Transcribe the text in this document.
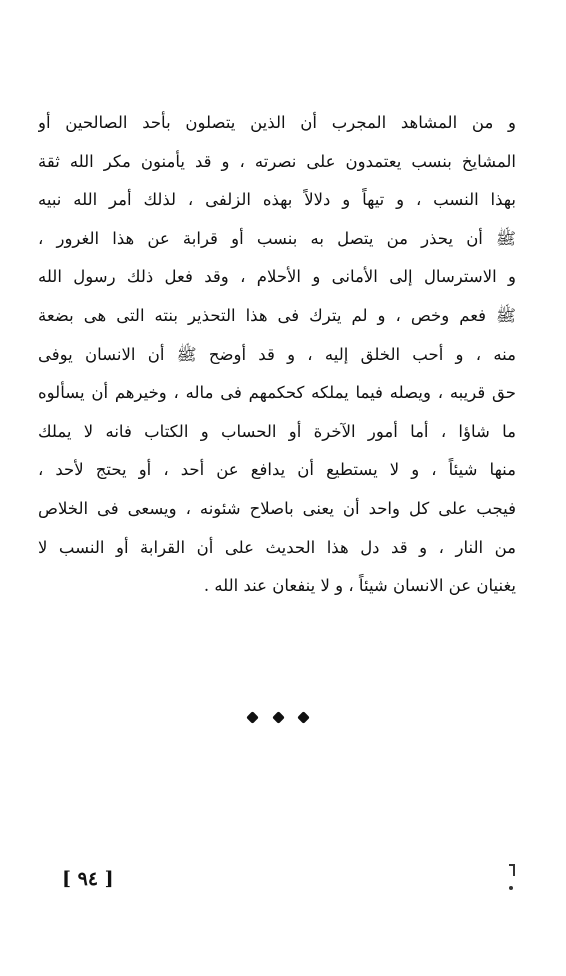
و من المشاهد المجرب أن الذين يتصلون بأحد الصالحين أو
المشايخ بنسب يعتمدون على نصرته ، و قد يأمنون مكر الله ثقة
بهذا النسب ، و تيهاً و دلالاً بهذه الزلفى ، لذلك أمر الله نبيه
ﷺ أن يحذر من يتصل به بنسب أو قرابة عن هذا الغرور ،
و الاسترسال إلى الأمانى و الأحلام ، وقد فعل ذلك رسول الله
ﷺ فعم وخص ، و لم يترك فى هذا التحذير بنته التى هى بضعة
منه ، و أحب الخلق إليه ، و قد أوضح ﷺ أن الانسان يوفى
حق قريبه ، ويصله فيما يملكه كحكمهم فى ماله ، وخيرهم أن يسألوه
ما شاؤا ، أما أمور الآخرة أو الحساب و الكتاب فانه لا يملك
منها شيئاً ، و لا يستطيع أن يدافع عن أحد ، أو يحتج لأحد ،
فيجب على كل واحد أن يعنى باصلاح شئونه ، ويسعى فى الخلاص
من النار ، و قد دل هذا الحديث على أن القرابة أو النسب لا
يغنيان عن الانسان شيئاً ، و لا ينفعان عند الله .
[ ٩٤ ]
